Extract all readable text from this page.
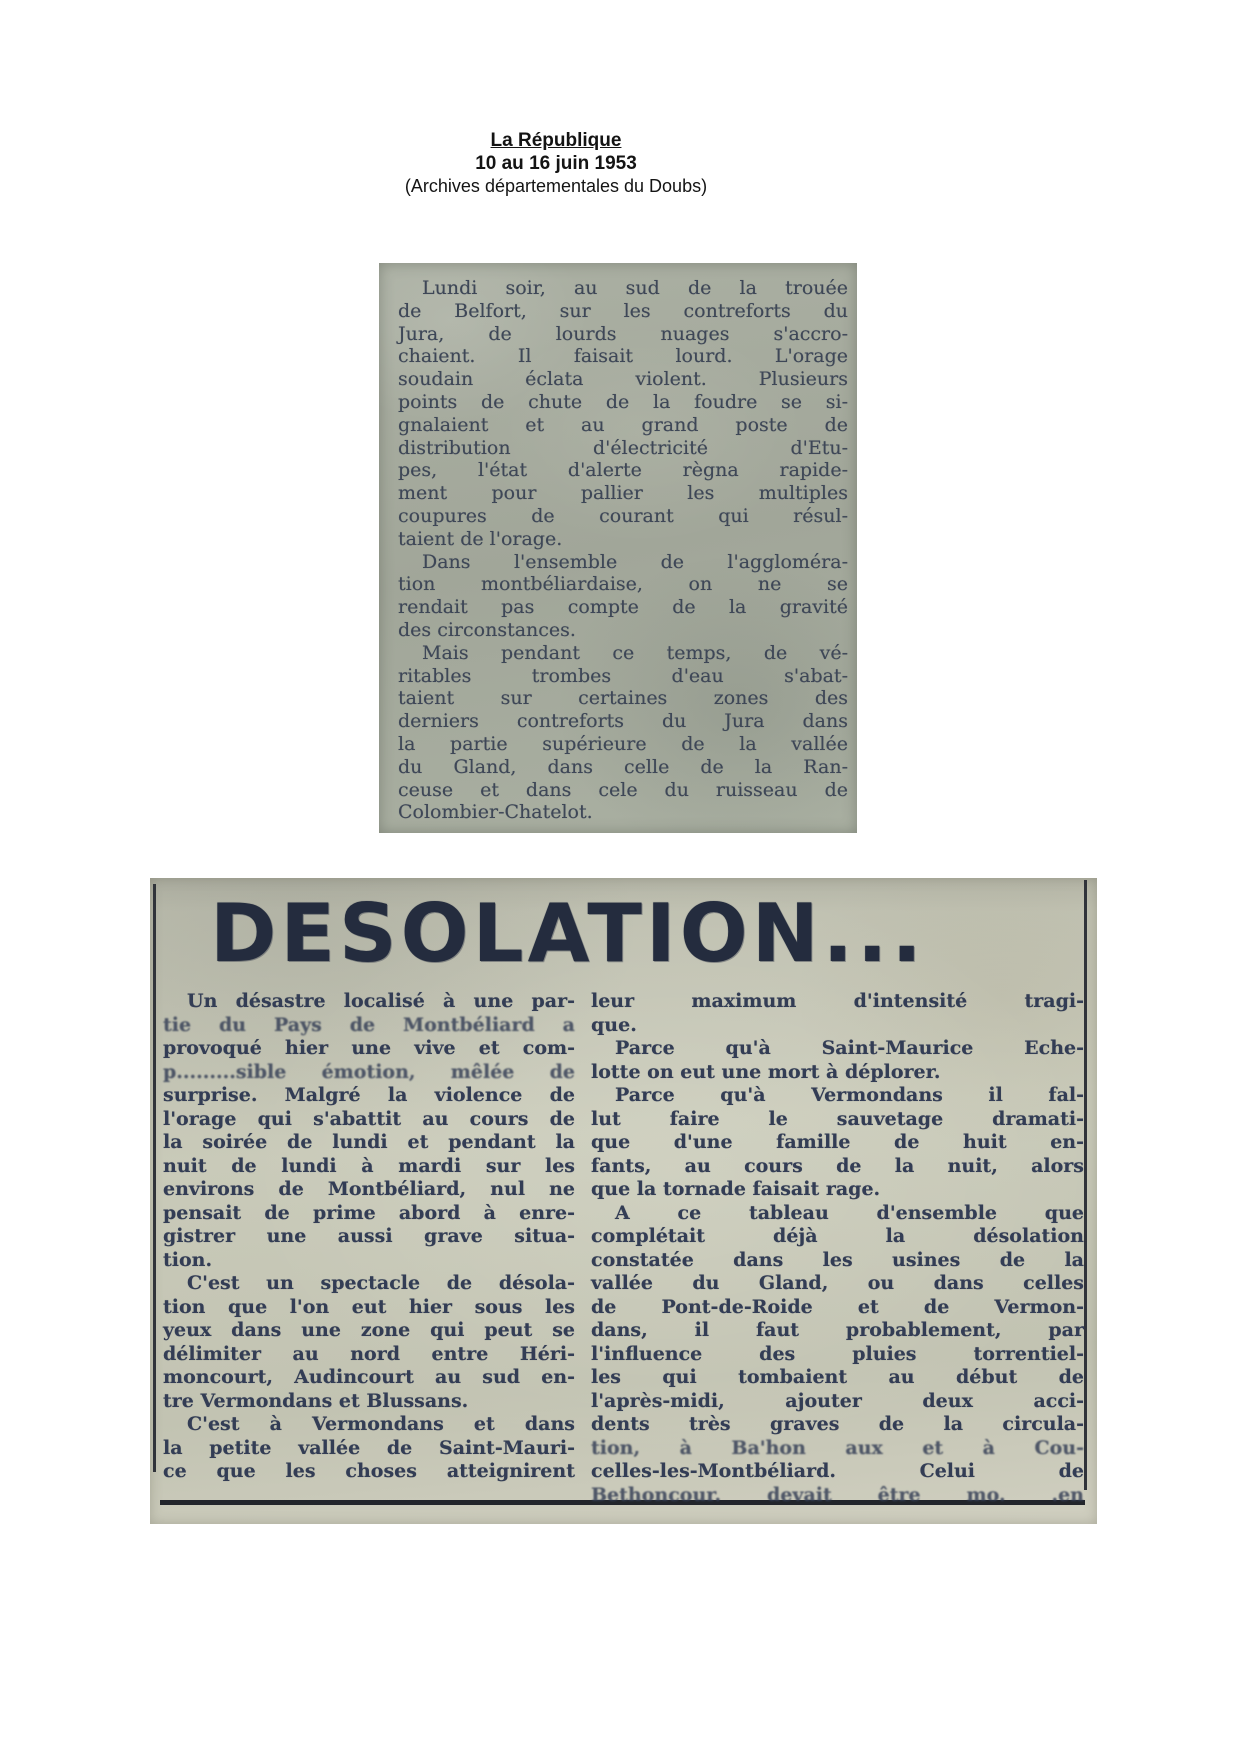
La République
10 au 16 juin 1953
(Archives départementales du Doubs)
Lundi soir, au sud de la trouée
de Belfort, sur les contreforts du
Jura, de lourds nuages s'accro-
chaient. Il faisait lourd. L'orage
soudain éclata violent. Plusieurs
points de chute de la foudre se si-
gnalaient et au grand poste de
distribution d'électricité d'Etu-
pes, l'état d'alerte règna rapide-
ment pour pallier les multiples
coupures de courant qui résul-
taient de l'orage.
Dans l'ensemble de l'aggloméra-
tion montbéliardaise, on ne se
rendait pas compte de la gravité
des circonstances.
Mais pendant ce temps, de vé-
ritables trombes d'eau s'abat-
taient sur certaines zones des
derniers contreforts du Jura dans
la partie supérieure de la vallée
du Gland, dans celle de la Ran-
ceuse et dans cele du ruisseau de
Colombier-Chatelot.
DESOLATION...
Un désastre localisé à une par-
tie du Pays de Montbéliard a
provoqué hier une vive et com-
p.........sible émotion, mêlée de
surprise. Malgré la violence de
l'orage qui s'abattit au cours de
la soirée de lundi et pendant la
nuit de lundi à mardi sur les
environs de Montbéliard, nul ne
pensait de prime abord à enre-
gistrer une aussi grave situa-
tion.
C'est un spectacle de désola-
tion que l'on eut hier sous les
yeux dans une zone qui peut se
délimiter au nord entre Héri-
moncourt, Audincourt au sud en-
tre Vermondans et Blussans.
C'est à Vermondans et dans
la petite vallée de Saint-Mauri-
ce que les choses atteignirent
leur maximum d'intensité tragi-
que.
Parce qu'à Saint-Maurice Eche-
lotte on eut une mort à déplorer.
Parce qu'à Vermondans il fal-
lut faire le sauvetage dramati-
que d'une famille de huit en-
fants, au cours de la nuit, alors
que la tornade faisait rage.
A ce tableau d'ensemble que
complétait déjà la désolation
constatée dans les usines de la
vallée du Gland, ou dans celles
de Pont-de-Roide et de Vermon-
dans, il faut probablement, par
l'influence des pluies torrentiel-
les qui tombaient au début de
l'après-midi, ajouter deux acci-
dents très graves de la circula-
tion, à Ba'hon aux et à Cou-
celles-les-Montbéliard. Celui de
Bethoncour. devait être mo. .en
